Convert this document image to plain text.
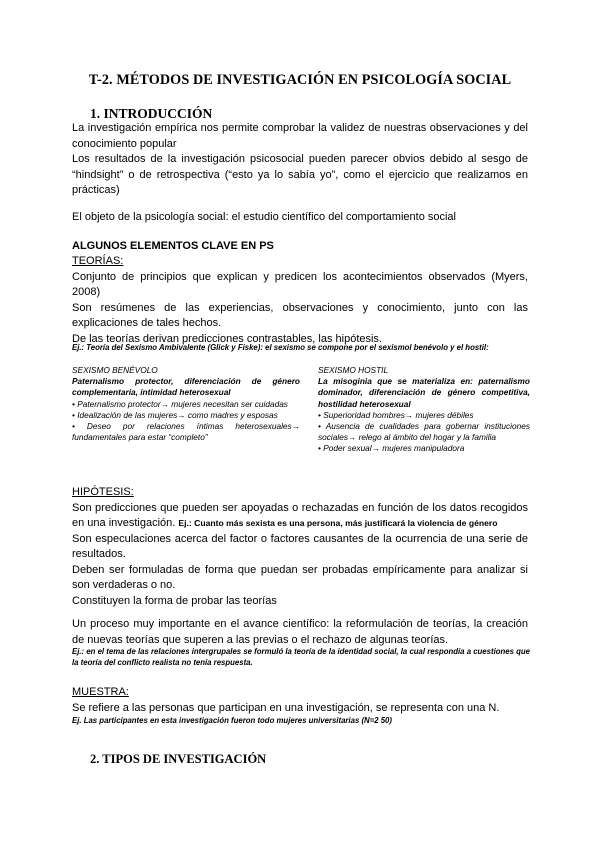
T-2. MÉTODOS DE INVESTIGACIÓN EN PSICOLOGÍA SOCIAL
1. INTRODUCCIÓN

La investigación empírica nos permite comprobar la validez de nuestras observaciones y del conocimiento popular

Los resultados de la investigación psicosocial pueden parecer obvios debido al sesgo de “hindsight” o de retrospectiva (“esto ya lo sabía yo”, como el ejercicio que realizamos en prácticas)

El objeto de la psicología social: el estudio científico del comportamiento social
ALGUNOS ELEMENTOS CLAVE EN PS

TEORÍAS:

Conjunto de principios que explican y predicen los acontecimientos observados (Myers, 2008)

Son resúmenes de las experiencias, observaciones y conocimiento, junto con las explicaciones de tales hechos.

De las teorías derivan predicciones contrastables, las hipótesis.

Ej.: Teoría del Sexismo Ambivalente (Glick y Fiske): el sexismo se compone por el sexismol benévolo y el hostil:

SEXISMO BENÉVOLO

Paternalismo protector, diferenciación de género complementaria, intimidad heterosexual

• Paternalismo protector→ mujeres necesitan ser cuidadas

• Idealización de las mujeres→ como madres y esposas

• Deseo por relaciones íntimas heterosexuales→ fundamentales para estar “completo”

SEXISMO HOSTIL

La misoginia que se materializa en: paternalismo dominador, diferenciación de género competitiva, hostilidad heterosexual

• Superioridad hombres→ mujeres débiles

• Ausencia de cualidades para gobernar instituciones sociales→ relego al ámbito del hogar y la familia

• Poder sexual→ mujeres manipuladora

HIPÓTESIS:

Son predicciones que pueden ser apoyadas o rechazadas en función de los datos recogidos en una investigación. Ej.: Cuanto más sexista es una persona, más justificará la violencia de género

Son especulaciones acerca del factor o factores causantes de la ocurrencia de una serie de resultados.

Deben ser formuladas de forma que puedan ser probadas empíricamente para analizar si son verdaderas o no.

Constituyen la forma de probar las teorías

Un proceso muy importante en el avance científico: la reformulación de teorías, la creación de nuevas teorías que superen a las previas o el rechazo de algunas teorías.
Ej.: en el tema de las relaciones intergrupales se formuló la teoría de la identidad social, la cual respondía a cuestiones que la teoría del conflicto realista no tenía respuesta.

MUESTRA:

Se refiere a las personas que participan en una investigación, se representa con una N.

Ej. Las participantes en esta investigación fueron todo mujeres universitarias (N=2 50)
2. TIPOS DE INVESTIGACIÓN
